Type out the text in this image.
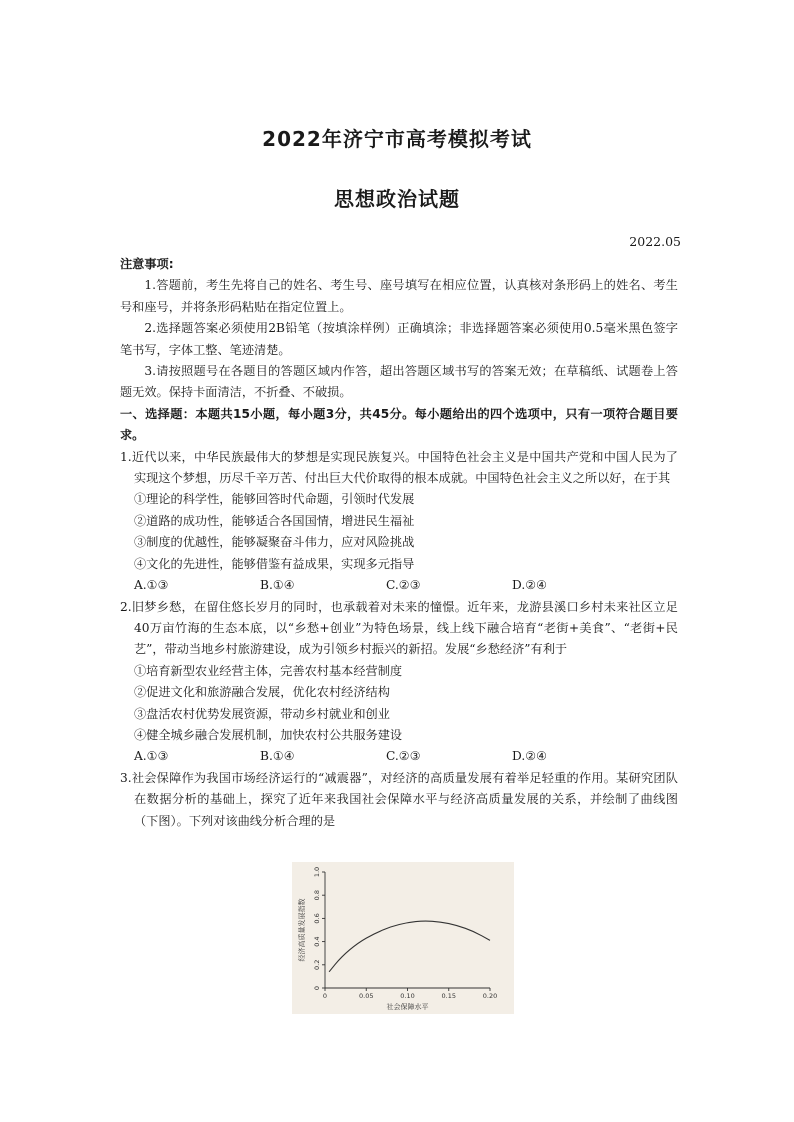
2022年济宁市高考模拟考试
思想政治试题
2022.05
注意事项:

1.答题前，考生先将自己的姓名、考生号、座号填写在相应位置，认真核对条形码上的姓名、考生号和座号，并将条形码粘贴在指定位置上。

2.选择题答案必须使用2B铅笔（按填涂样例）正确填涂；非选择题答案必须使用0.5毫米黑色签字笔书写，字体工整、笔迹清楚。

3.请按照题号在各题目的答题区域内作答，超出答题区域书写的答案无效；在草稿纸、试题卷上答题无效。保持卡面清洁，不折叠、不破损。

一、选择题：本题共15小题，每小题3分，共45分。每小题给出的四个选项中，只有一项符合题目要求。

1.近代以来，中华民族最伟大的梦想是实现民族复兴。中国特色社会主义是中国共产党和中国人民为了实现这个梦想，历尽千辛万苦、付出巨大代价取得的根本成就。中国特色社会主义之所以好，在于其
①理论的科学性，能够回答时代命题，引领时代发展
②道路的成功性，能够适合各国国情，增进民生福祉
③制度的优越性，能够凝聚奋斗伟力，应对风险挑战
④文化的先进性，能够借鉴有益成果，实现多元指导
A.①③	B.①④	C.②③	D.②④
2.旧梦乡愁，在留住悠长岁月的同时，也承载着对未来的憧憬。近年来，龙游县溪口乡村未来社区立足40万亩竹海的生态本底，以“乡愁+创业”为特色场景，线上线下融合培育“老街+美食”、“老街+民艺”，带动当地乡村旅游建设，成为引领乡村振兴的新招。发展“乡愁经济”有利于
①培育新型农业经营主体，完善农村基本经营制度
②促进文化和旅游融合发展，优化农村经济结构
③盘活农村优势发展资源，带动乡村就业和创业
④健全城乡融合发展机制，加快农村公共服务建设
A.①③	B.①④	C.②③	D.②④
3.社会保障作为我国市场经济运行的“减震器”，对经济的高质量发展有着举足轻重的作用。某研究团队在数据分析的基础上，探究了近年来我国社会保障水平与经济高质量发展的关系，并绘制了曲线图（下图）。下列对该曲线分析合理的是
0
0.2
0.4
0.6
0.8
1.0
0	0.05	0.10	0.15	0.20
社会保障水平
经济高质量发展指数
